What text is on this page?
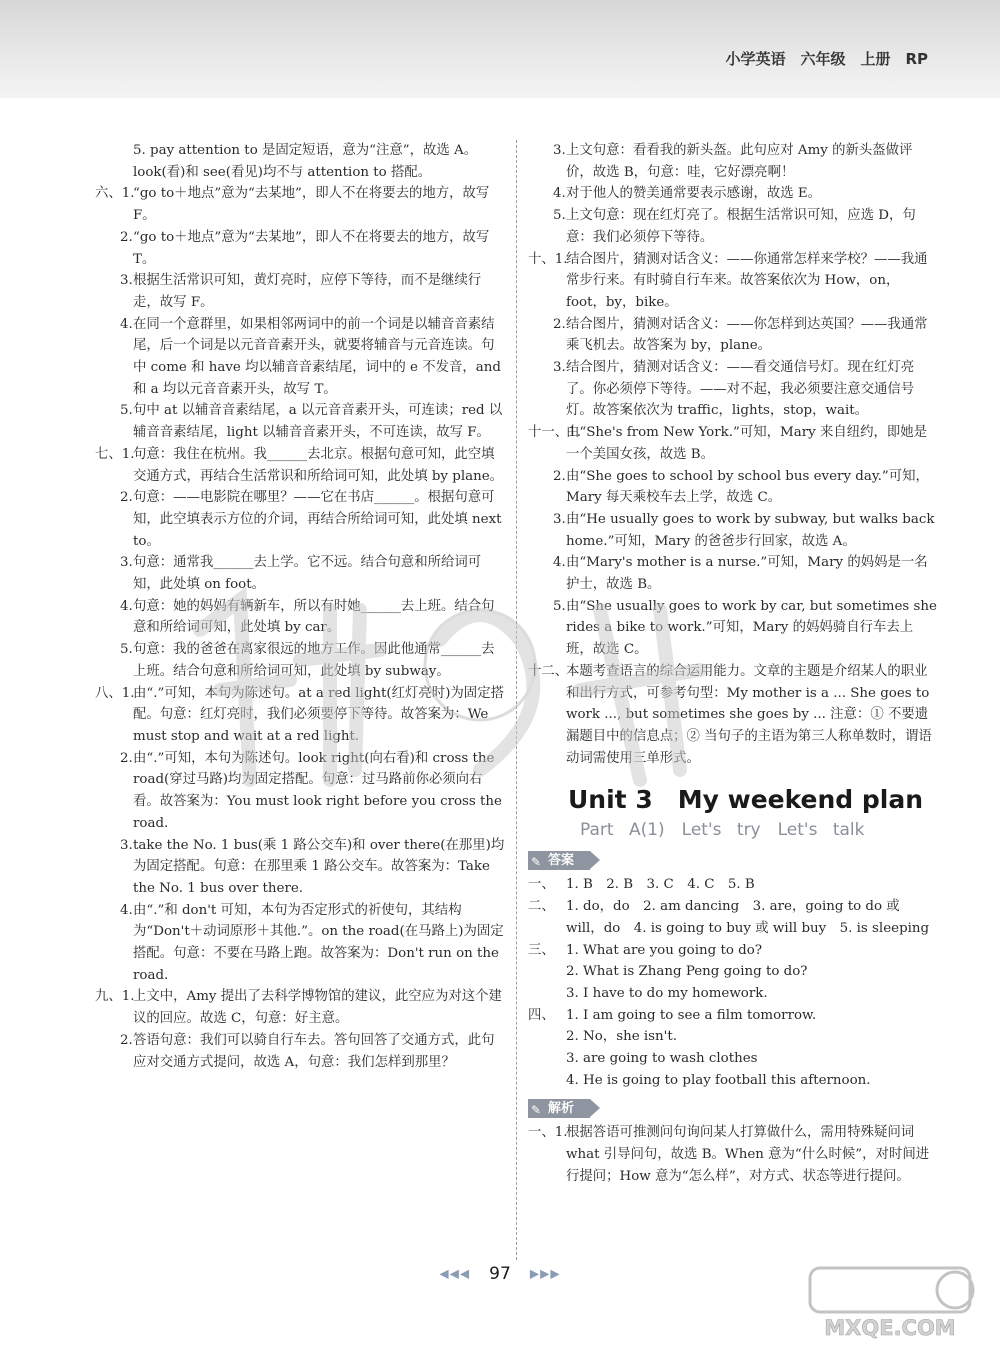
小学英语　六年级　上册　RP
5. pay attention to 是固定短语，意为“注意”，故选 A。
look(看)和 see(看见)均不与 attention to 搭配。
六、1.
“go to＋地点”意为“去某地”，即人不在将要去的地方，故写 F。
2. “go to＋地点”意为“去某地”，即人不在将要去的地方，故写 T。
3. 根据生活常识可知，黄灯亮时，应停下等待，而不是继续行走，故写 F。
4. 在同一个意群里，如果相邻两词中的前一个词是以辅音音素结尾，后一个词是以元音音素开头，就要将辅音与元音连读。句中 come 和 have 均以辅音音素结尾，词中的 e 不发音，and 和 a 均以元音音素开头，故写 T。
5. 句中 at 以辅音音素结尾，a 以元音音素开头，可连读；red 以辅音音素结尾，light 以辅音音素开头，不可连读，故写 F。
七、1.
句意：我住在杭州。我______去北京。根据句意可知，此空填交通方式，再结合生活常识和所给词可知，此处填 by plane。
2. 句意：——电影院在哪里？——它在书店______。根据句意可知，此空填表示方位的介词，再结合所给词可知，此处填 next to。
3. 句意：通常我______去上学。它不远。结合句意和所给词可知，此处填 on foot。
4. 句意：她的妈妈有辆新车，所以有时她______去上班。结合句意和所给词可知，此处填 by car。
5. 句意：我的爸爸在离家很远的地方工作。因此他通常______去上班。结合句意和所给词可知，此处填 by subway。
八、1.
由“.”可知，本句为陈述句。at a red light(红灯亮时)为固定搭配。句意：红灯亮时，我们必须要停下等待。故答案为：We must stop and wait at a red light.
2. 由“.”可知，本句为陈述句。look right(向右看)和 cross the road(穿过马路)均为固定搭配。句意：过马路前你必须向右看。故答案为：You must look right before you cross the road.
3. take the No. 1 bus(乘 1 路公交车)和 over there(在那里)均为固定搭配。句意：在那里乘 1 路公交车。故答案为：Take the No. 1 bus over there.
4. 由“.”和 don't 可知，本句为否定形式的祈使句，其结构为“Don't＋动词原形＋其他.”。on the road(在马路上)为固定搭配。句意：不要在马路上跑。故答案为：Don't run on the road.
九、1.
上文中，Amy 提出了去科学博物馆的建议，此空应为对这个建议的回应。故选 C，句意：好主意。
2. 答语句意：我们可以骑自行车去。答句回答了交通方式，此句应对交通方式提问，故选 A，句意：我们怎样到那里？
3. 上文句意：看看我的新头盔。此句应对 Amy 的新头盔做评价，故选 B，句意：哇，它好漂亮啊！
4. 对于他人的赞美通常要表示感谢，故选 E。
5. 上文句意：现在红灯亮了。根据生活常识可知，应选 D，句意：我们必须停下等待。
十、1.
结合图片，猜测对话含义：——你通常怎样来学校？——我通常步行来。有时骑自行车来。故答案依次为 How，on，foot，by，bike。
2. 结合图片，猜测对话含义：——你怎样到达英国？——我通常乘飞机去。故答案为 by，plane。
3. 结合图片，猜测对话含义：——看交通信号灯。现在红灯亮了。你必须停下等待。——对不起，我必须要注意交通信号灯。故答案依次为 traffic，lights，stop，wait。
十一、1.
由“She's from New York.”可知，Mary 来自纽约，即她是一个美国女孩，故选 B。
2. 由“She goes to school by school bus every day.”可知，Mary 每天乘校车去上学，故选 C。
3. 由“He usually goes to work by subway, but walks back home.”可知，Mary 的爸爸步行回家，故选 A。
4. 由“Mary's mother is a nurse.”可知，Mary 的妈妈是一名护士，故选 B。
5. 由“She usually goes to work by car, but sometimes she rides a bike to work.”可知，Mary 的妈妈骑自行车去上班，故选 C。
十二、
本题考查语言的综合运用能力。文章的主题是介绍某人的职业和出行方式，可参考句型：My mother is a ... She goes to work ..., but sometimes she goes by ... 注意：① 不要遗漏题目中的信息点；② 当句子的主语为第三人称单数时，谓语动词需使用三单形式。
Unit 3　My weekend plan
Part A(1)　Let's try　Let's talk
✎ 答案
一、 1. B　2. B　3. C　4. C　5. B
二、 1. do，do　2. am dancing　3. are，going to do 或 will，do　4. is going to buy 或 will buy　5. is sleeping
三、 1. What are you going to do?
2. What is Zhang Peng going to do?
3. I have to do my homework.
四、 1. I am going to see a film tomorrow.
2. No，she isn't.
3. are going to wash clothes
4. He is going to play football this afternoon.
✎ 解析
一、1.
根据答语可推测问句询问某人打算做什么，需用特殊疑问词 what 引导问句，故选 B。When 意为“什么时候”，对时间进行提问；How 意为“怎么样”，对方式、状态等进行提问。
◀◀◀ 97 ▶▶▶
MXQE.COM
